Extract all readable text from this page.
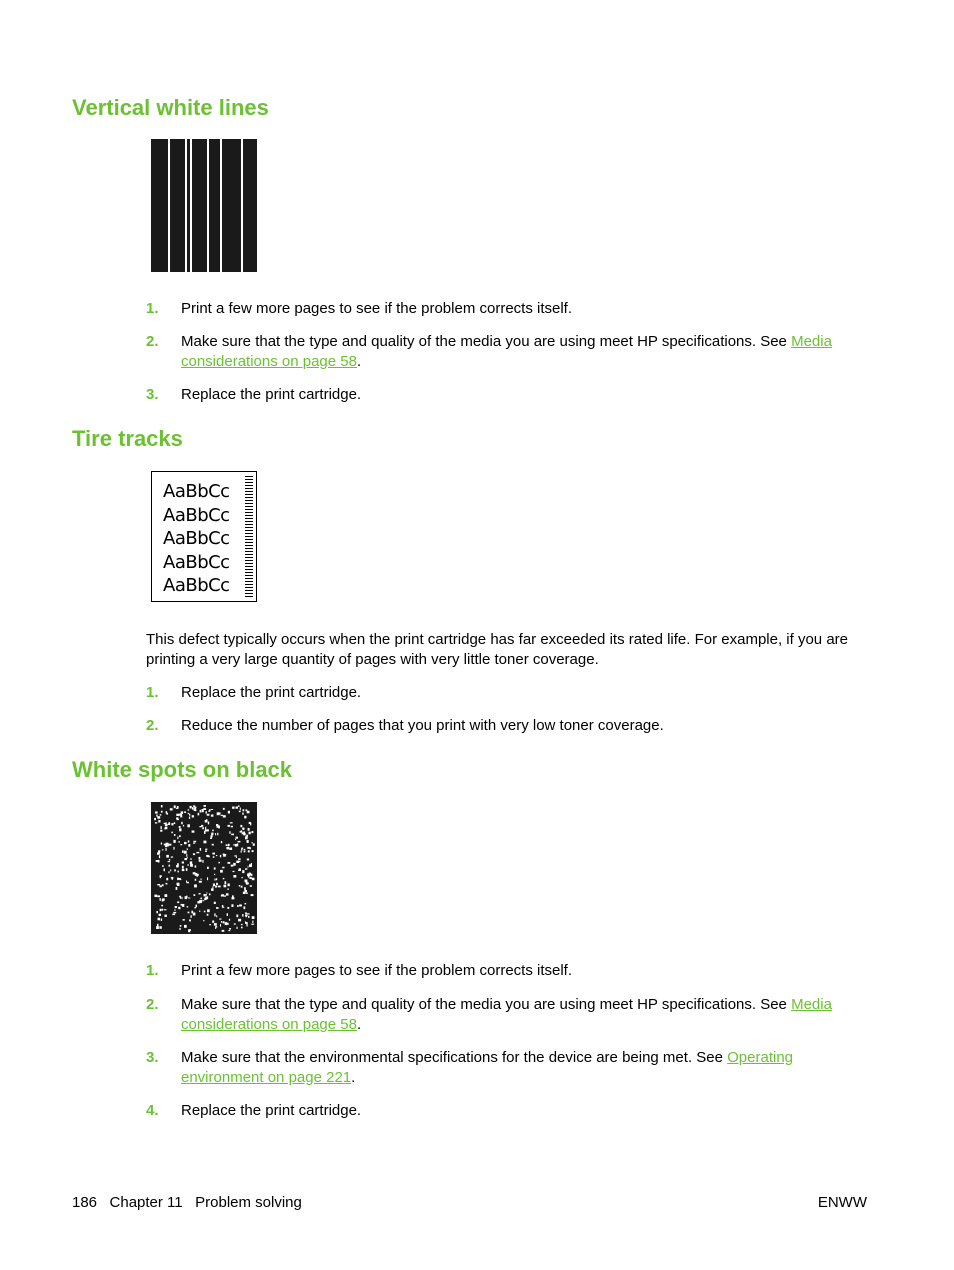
Vertical white lines
1.	Print a few more pages to see if the problem corrects itself.
2.	Make sure that the type and quality of the media you are using meet HP specifications. See Media considerations on page 58.
3.	Replace the print cartridge.
Tire tracks
AaBbCc
AaBbCc
AaBbCc
AaBbCc
AaBbCc
This defect typically occurs when the print cartridge has far exceeded its rated life. For example, if you are printing a very large quantity of pages with very little toner coverage.
1.	Replace the print cartridge.
2.	Reduce the number of pages that you print with very low toner coverage.
White spots on black
1.	Print a few more pages to see if the problem corrects itself.
2.	Make sure that the type and quality of the media you are using meet HP specifications. See Media considerations on page 58.
3.	Make sure that the environmental specifications for the device are being met. See Operating environment on page 221.
4.	Replace the print cartridge.
186   Chapter 11   Problem solving	ENWW
